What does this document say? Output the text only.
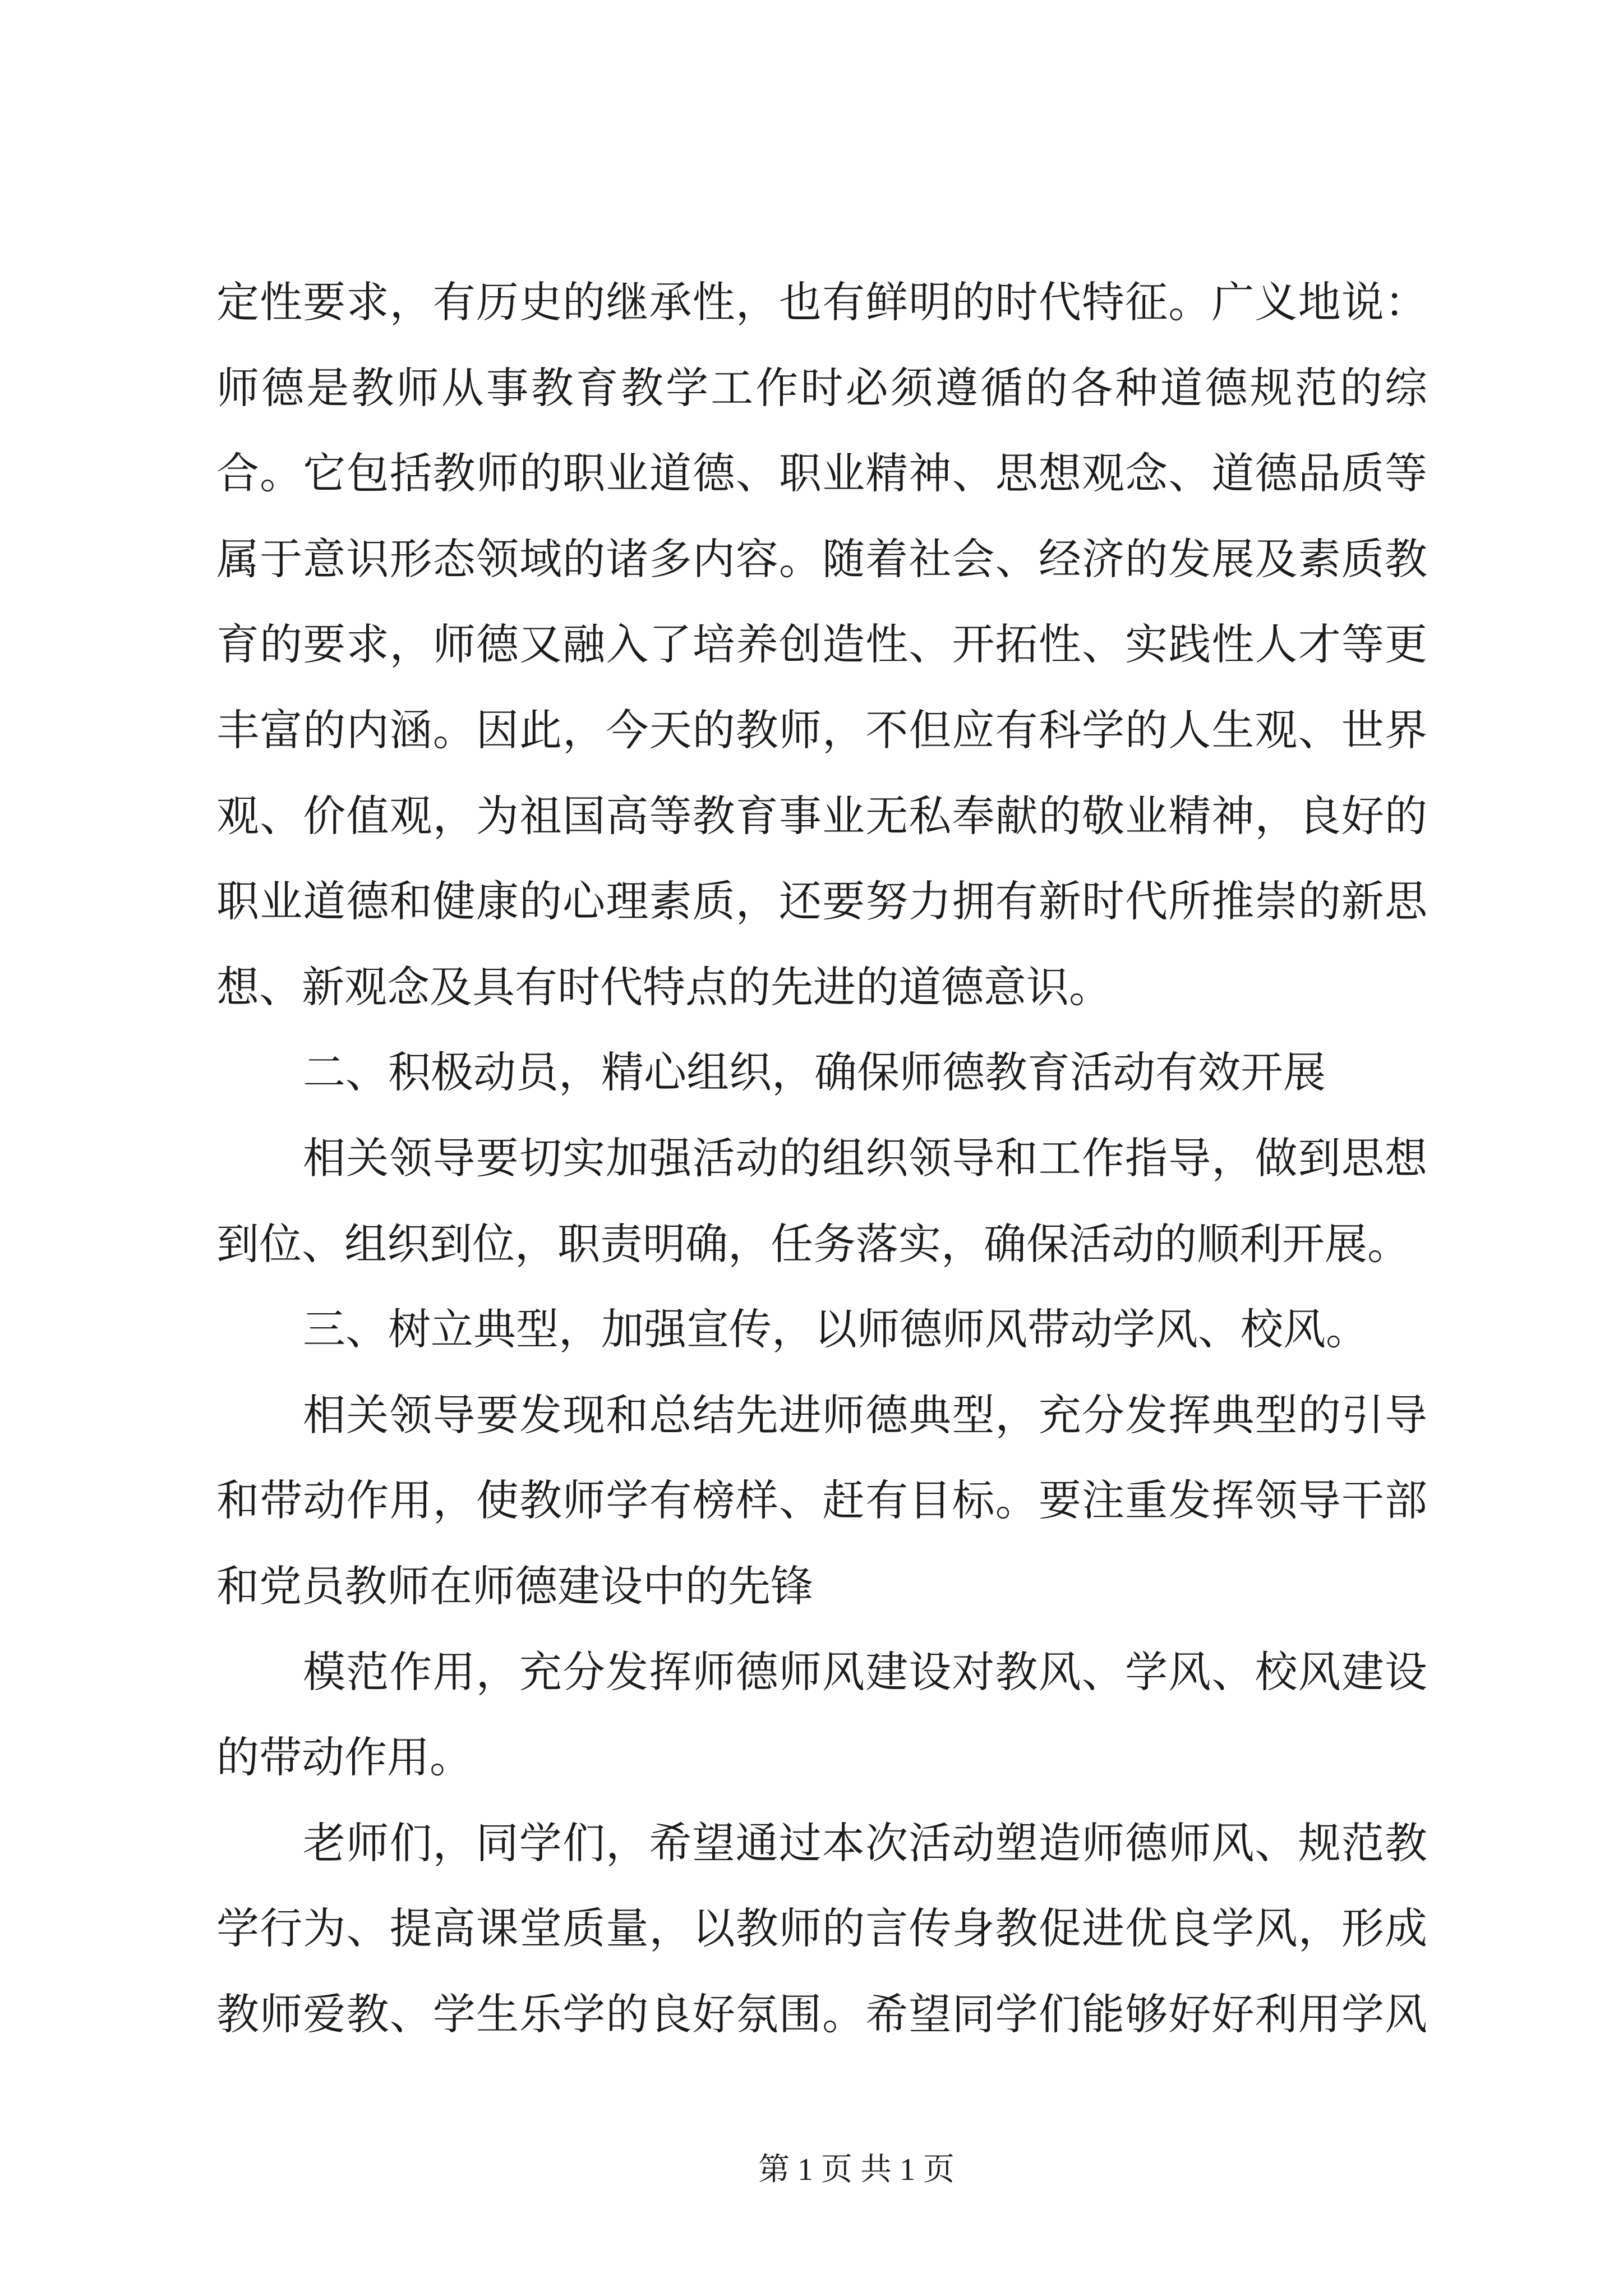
定性要求，有历史的继承性，也有鲜明的时代特征。广义地说：
师德是教师从事教育教学工作时必须遵循的各种道德规范的综
合。它包括教师的职业道德、职业精神、思想观念、道德品质等
属于意识形态领域的诸多内容。随着社会、经济的发展及素质教
育的要求，师德又融入了培养创造性、开拓性、实践性人才等更
丰富的内涵。因此，今天的教师，不但应有科学的人生观、世界
观、价值观，为祖国高等教育事业无私奉献的敬业精神，良好的
职业道德和健康的心理素质，还要努力拥有新时代所推崇的新思
想、新观念及具有时代特点的先进的道德意识。
二、积极动员，精心组织，确保师德教育活动有效开展
相关领导要切实加强活动的组织领导和工作指导，做到思想
到位、组织到位，职责明确，任务落实，确保活动的顺利开展。
三、树立典型，加强宣传，以师德师风带动学风、校风。
相关领导要发现和总结先进师德典型，充分发挥典型的引导
和带动作用，使教师学有榜样、赶有目标。要注重发挥领导干部
和党员教师在师德建设中的先锋
模范作用，充分发挥师德师风建设对教风、学风、校风建设
的带动作用。
老师们，同学们，希望通过本次活动塑造师德师风、规范教
学行为、提高课堂质量，以教师的言传身教促进优良学风，形成
教师爱教、学生乐学的良好氛围。希望同学们能够好好利用学风
第 1 页 共 1 页
